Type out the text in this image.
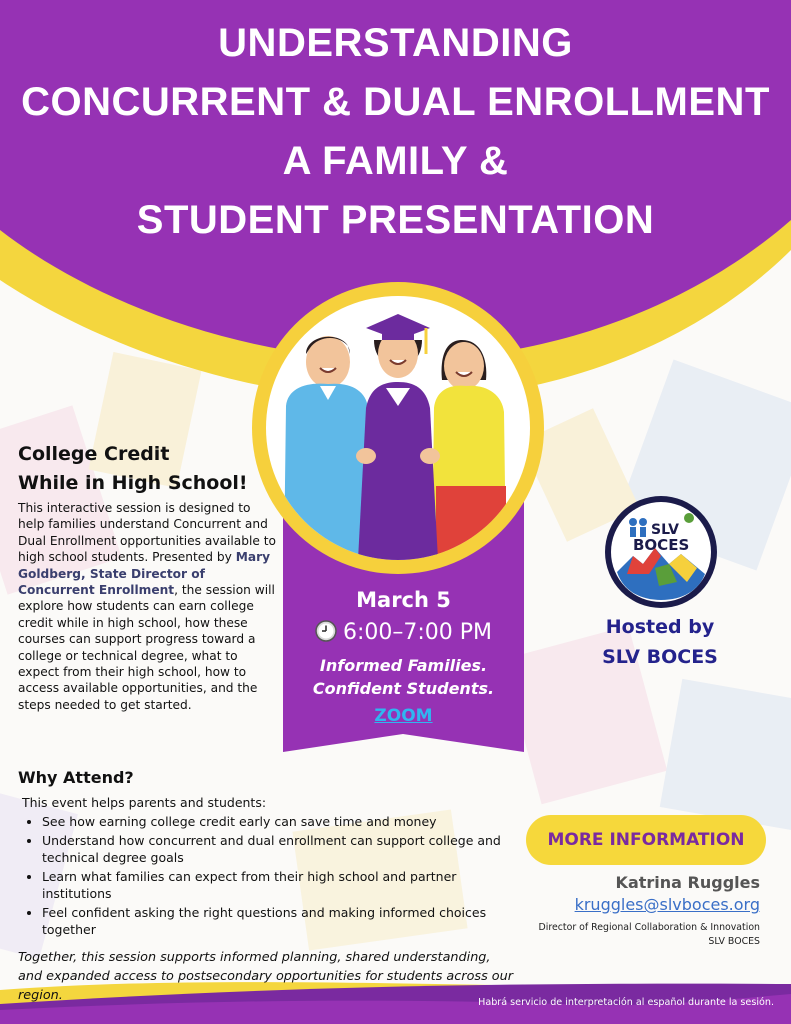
UNDERSTANDING
CONCURRENT & DUAL ENROLLMENT
A FAMILY &
STUDENT PRESENTATION
March 5
6:00–7:00 PM
Informed Families.
Confident Students.
ZOOM
College Credit
While in High School!
This interactive session is designed to help families understand Concurrent and Dual Enrollment opportunities available to high school students. Presented by Mary Goldberg, State Director of Concurrent Enrollment, the session will explore how students can earn college credit while in high school, how these courses can support progress toward a college or technical degree, what to expect from their high school, how to access available opportunities, and the steps needed to get started.
Why Attend?
This event helps parents and students:
• See how earning college credit early can save time and money
• Understand how concurrent and dual enrollment can support college and technical degree goals
• Learn what families can expect from their high school and partner institutions
• Feel confident asking the right questions and making informed choices together
Together, this session supports informed planning, shared understanding, and expanded access to postsecondary opportunities for students across our region.
SLV
BOCES
Hosted by
SLV BOCES
MORE INFORMATION
Katrina Ruggles
kruggles@slvboces.org
Director of Regional Collaboration & Innovation
SLV BOCES
Habrá servicio de interpretación al español durante la sesión.
